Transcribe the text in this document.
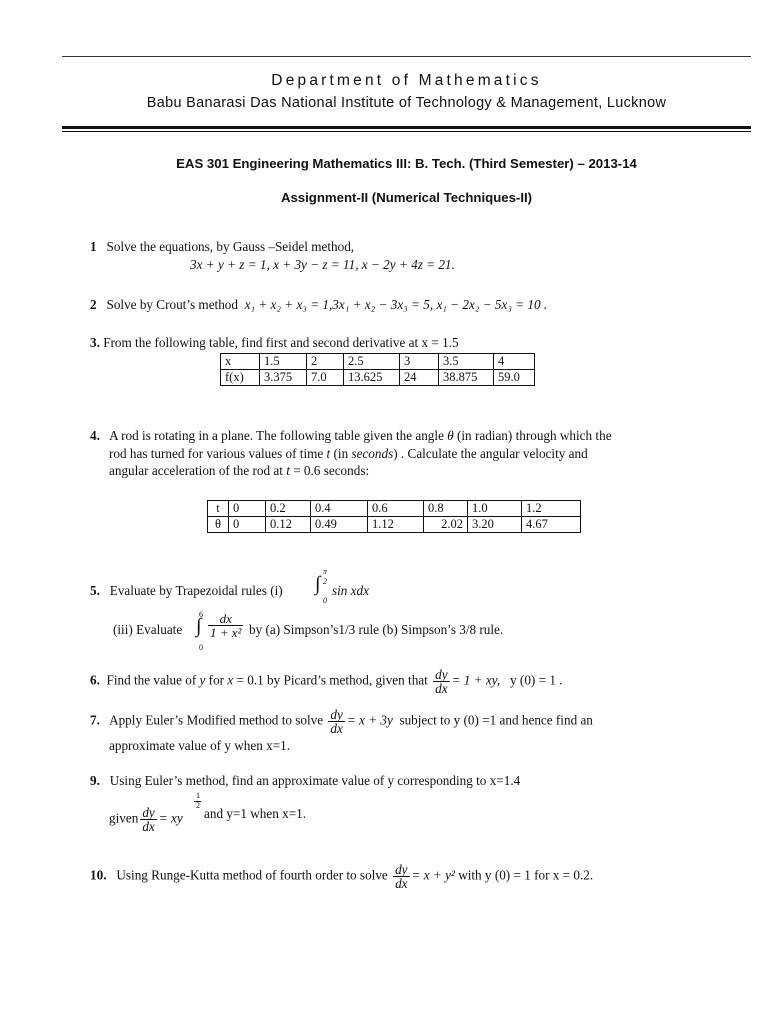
Department of Mathematics
Babu Banarasi Das National Institute of Technology & Management, Lucknow
EAS 301 Engineering Mathematics III: B. Tech. (Third Semester) – 2013-14
Assignment-II (Numerical Techniques-II)
1 Solve the equations, by Gauss –Seidel method,
3x + y + z = 1, x + 3y − z = 11, x − 2y + 4z = 21.
2 Solve by Crout’s method x₁ + x₂ + x₃ = 1,3x₁ + x₂ − 3x₃ = 5, x₁ − 2x₂ − 5x₃ = 10 .
3. From the following table, find first and second derivative at x = 1.5
x	1.5	2	2.5	3	3.5	4
f(x)	3.375	7.0	13.625	24	38.875	59.0
4. A rod is rotating in a plane. The following table given the angle θ (in radian) through which the
rod has turned for various values of time t (in seconds) . Calculate the angular velocity and
angular acceleration of the rod at t = 0.6 seconds:
t	0	0.2	0.4	0.6	0.8	1.0	1.2
θ	0	0.12	0.49	1.12	2.02	3.20	4.67
5. Evaluate by Trapezoidal rules (i)
π
2
∫
0
sin xdx
(iii) Evaluate
6
∫
0
$\frac{dx}{\text{1 + x²}}$ by (a) Simpson’s1/3 rule (b) Simpson’s 3/8 rule.
6. Find the value of y for x = 0.1 by Picard’s method, given that $\frac{dy}{dx} = 1$ + xy, y (0) = 1 .
7. Apply Euler’s Modified method to solve $\frac{dy}{dx} = x + 3y$ subject to y (0) =1 and hence find an
approximate value of y when x=1.
9. Using Euler’s method, find an approximate value of y corresponding to x=1.4
given $\frac{dy}{dx}$ = xy
1
2
and y=1 when x=1.
10. Using Runge-Kutta method of fourth order to solve $\frac{dy}{dx} = x + y^2$ with y (0) = 1 for x = 0.2.
